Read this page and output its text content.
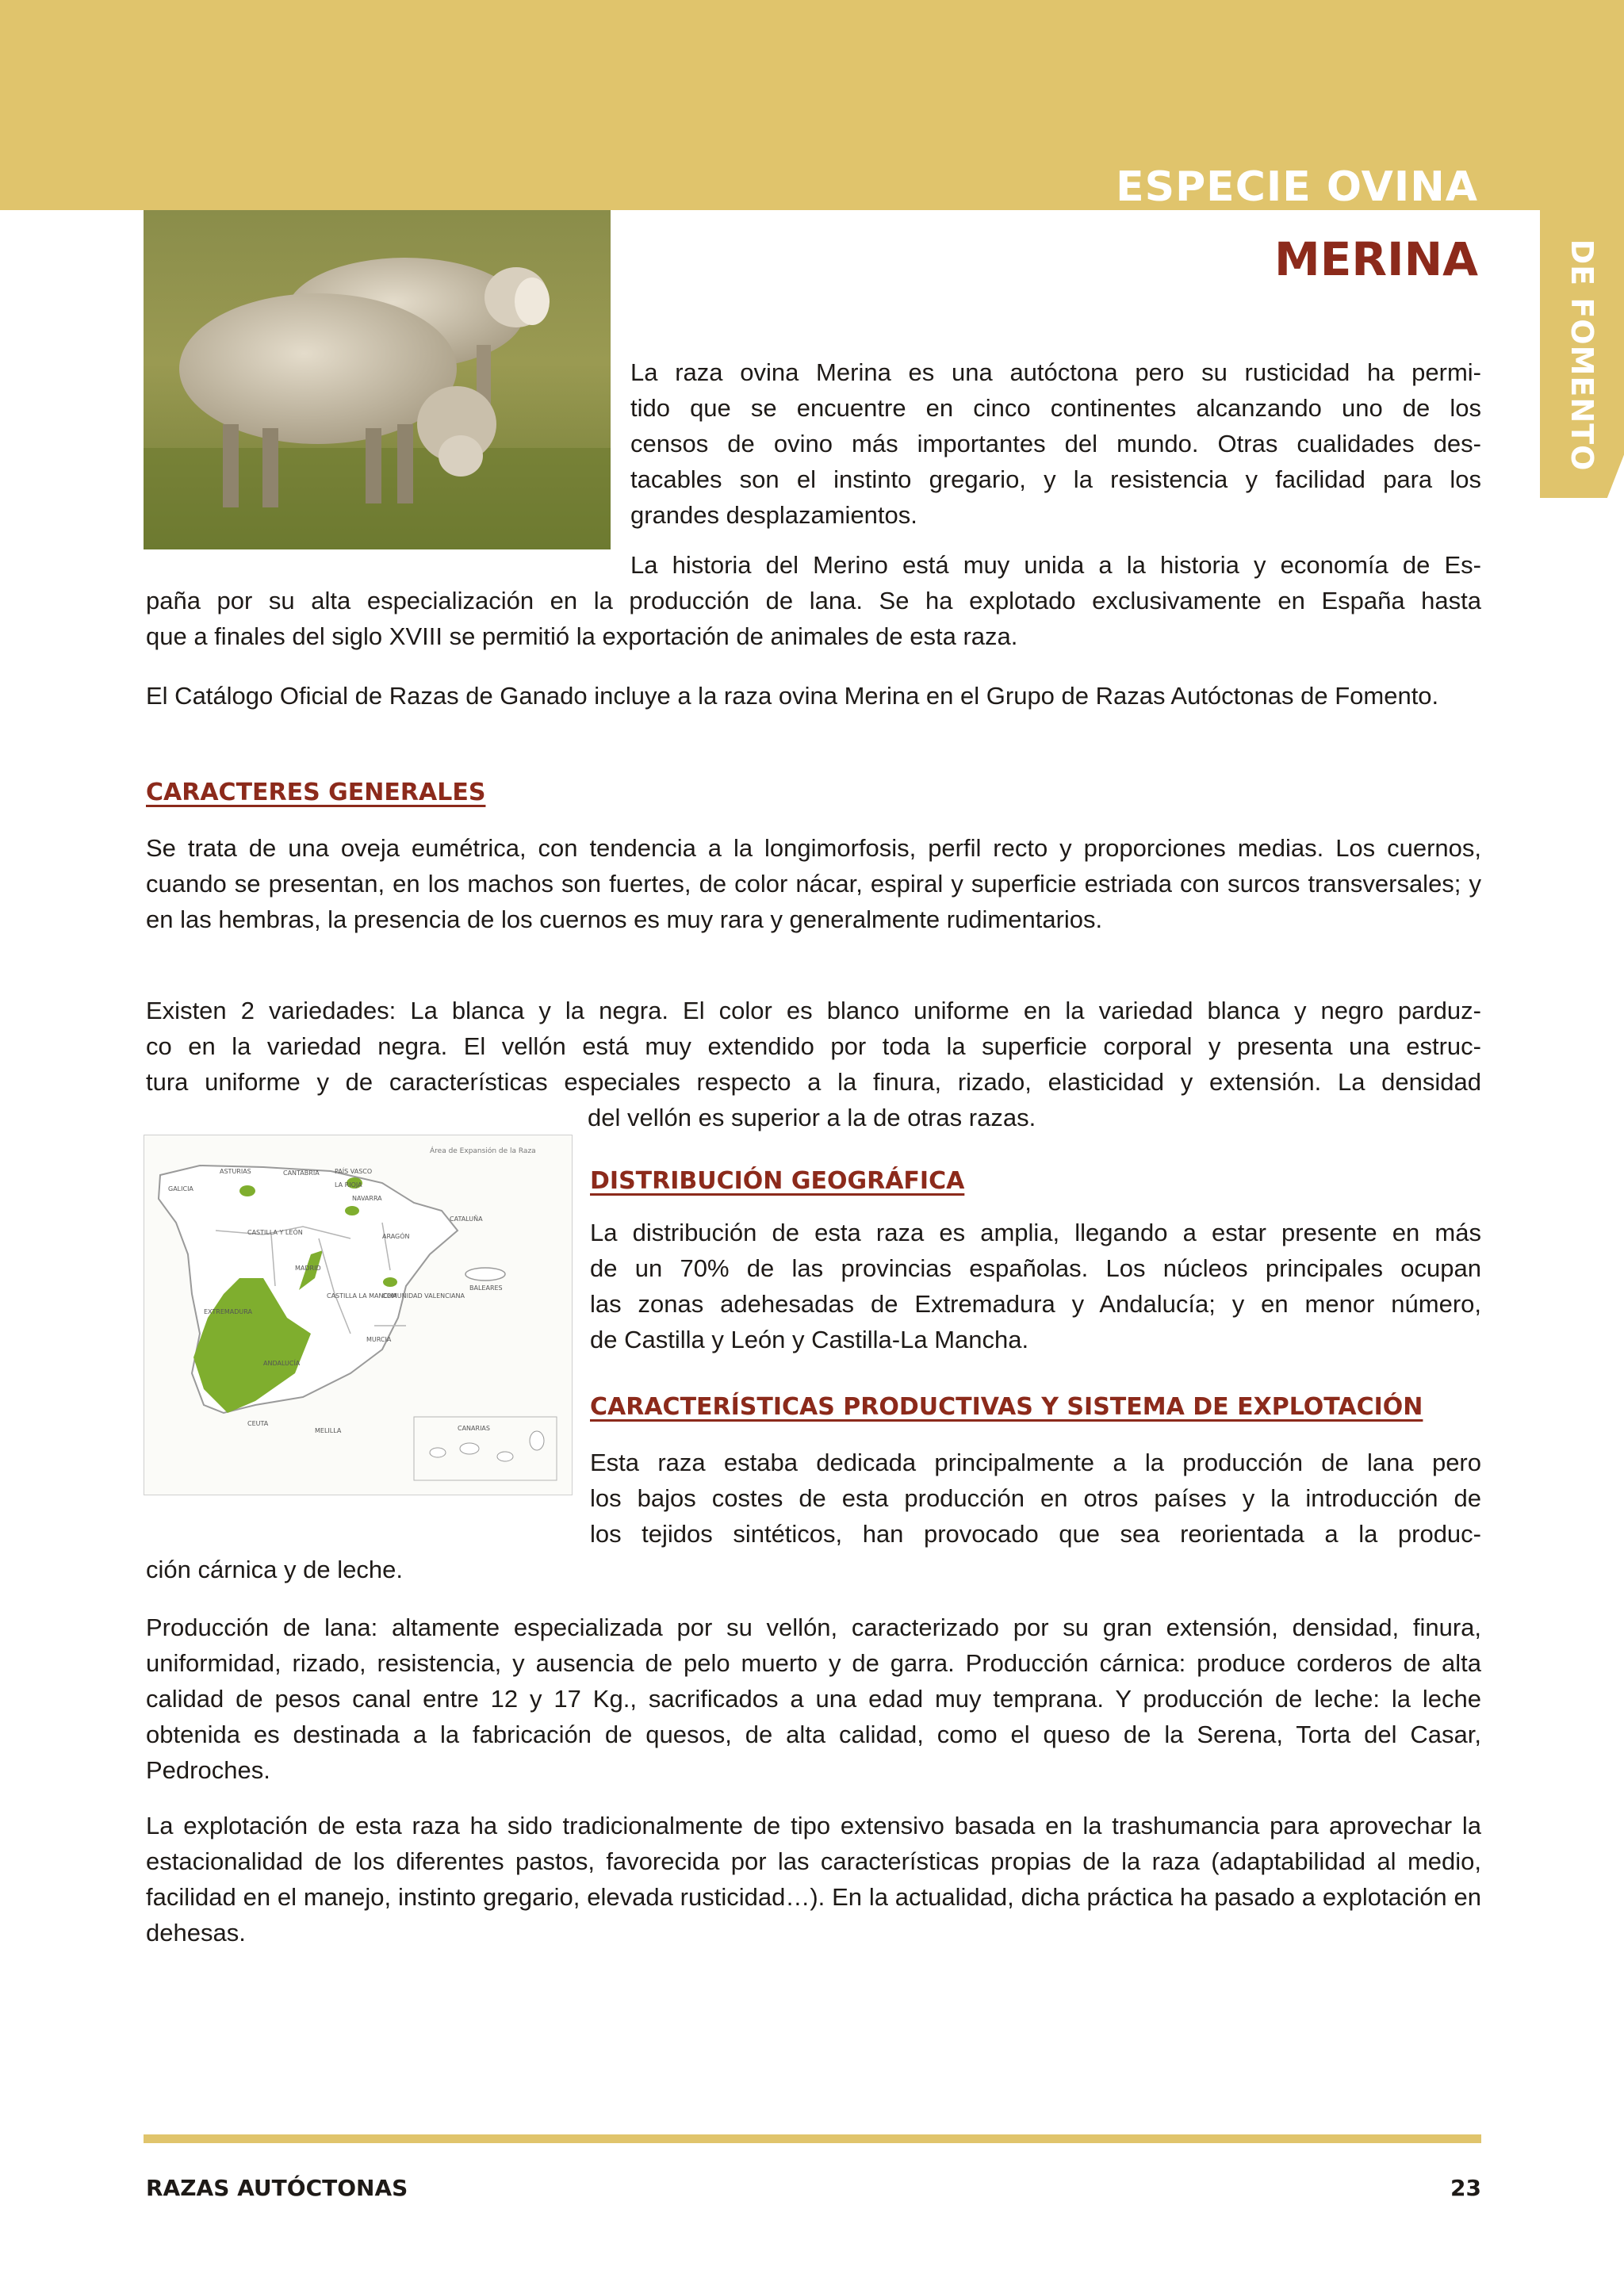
ESPECIE OVINA
DE FOMENTO
MERINA

La raza ovina Merina es una autóctona pero su rusticidad ha permi-

tido que se encuentre en cinco continentes alcanzando uno de los

censos de ovino más importantes del mundo. Otras cualidades des-

tacables son el instinto gregario, y la resistencia y facilidad para los

grandes desplazamientos.

La historia del Merino está muy unida a la historia y economía de Es-

paña por su alta especialización en la producción de lana. Se ha explotado exclusivamente en España hasta

que a finales del siglo XVIII se permitió la exportación de animales de esta raza.

El Catálogo Oficial de Razas de Ganado incluye a la raza ovina Merina en el Grupo de Razas Autóctonas de Fomento.

CARACTERES GENERALES

Se trata de una oveja eumétrica, con tendencia a la longimorfosis, perfil recto y proporciones medias. Los cuernos, cuando se presentan, en los machos son fuertes, de color nácar, espiral y superficie estriada con surcos transversales; y en las hembras, la presencia de los cuernos es muy rara y generalmente rudimentarios.

Existen 2 variedades: La blanca y la negra. El color es blanco uniforme en la variedad blanca y negro parduz-

co en la variedad negra. El vellón está muy extendido por toda la superficie corporal y presenta una estruc-

tura uniforme y de características especiales respecto a la finura, rizado, elasticidad y extensión. La densidad

del vellón es superior a la de otras razas.

Área de Expansión de la Raza
GALICIA
ASTURIAS	CANTABRIA PAÍS VASCO
NAVARRA
LA RIOJA
CATALUÑA
CASTILLA Y LEÓN
ARAGÓN
MADRID
CASTILLA LA MANCHA
COMUNIDAD VALENCIANA
BALEARES
EXTREMADURA
MURCIA
ANDALUCÍA
CANARIAS
CEUTA
MELILLA
DISTRIBUCIÓN GEOGRÁFICA

La distribución de esta raza es amplia, llegando a estar presente en más

de un 70% de las provincias españolas. Los núcleos principales ocupan

las zonas adehesadas de Extremadura y Andalucía; y en menor número,

de Castilla y León y Castilla-La Mancha.

CARACTERÍSTICAS PRODUCTIVAS Y SISTEMA DE EXPLOTACIÓN

Esta raza estaba dedicada principalmente a la producción de lana pero

los bajos costes de esta producción en otros países y la introducción de

los tejidos sintéticos, han provocado que sea reorientada a la produc-

ción cárnica y de leche.

Producción de lana: altamente especializada por su vellón, caracterizado por su gran extensión, densidad, finura, uniformidad, rizado, resistencia, y ausencia de pelo muerto y de garra. Producción cárnica: produce corderos de alta calidad de pesos canal entre 12 y 17 Kg., sacrificados a una edad muy temprana. Y producción de leche: la leche obtenida es destinada a la fabricación de quesos, de alta calidad, como el queso de la Serena, Torta del Casar, Pedroches.

La explotación de esta raza ha sido tradicionalmente de tipo extensivo basada en la trashumancia para aprovechar la estacionalidad de los diferentes pastos, favorecida por las características propias de la raza (adaptabilidad al medio, facilidad en el manejo, instinto gregario, elevada rusticidad…). En la actualidad, dicha práctica ha pasado a explotación en dehesas.

RAZAS AUTÓCTONAS	23
